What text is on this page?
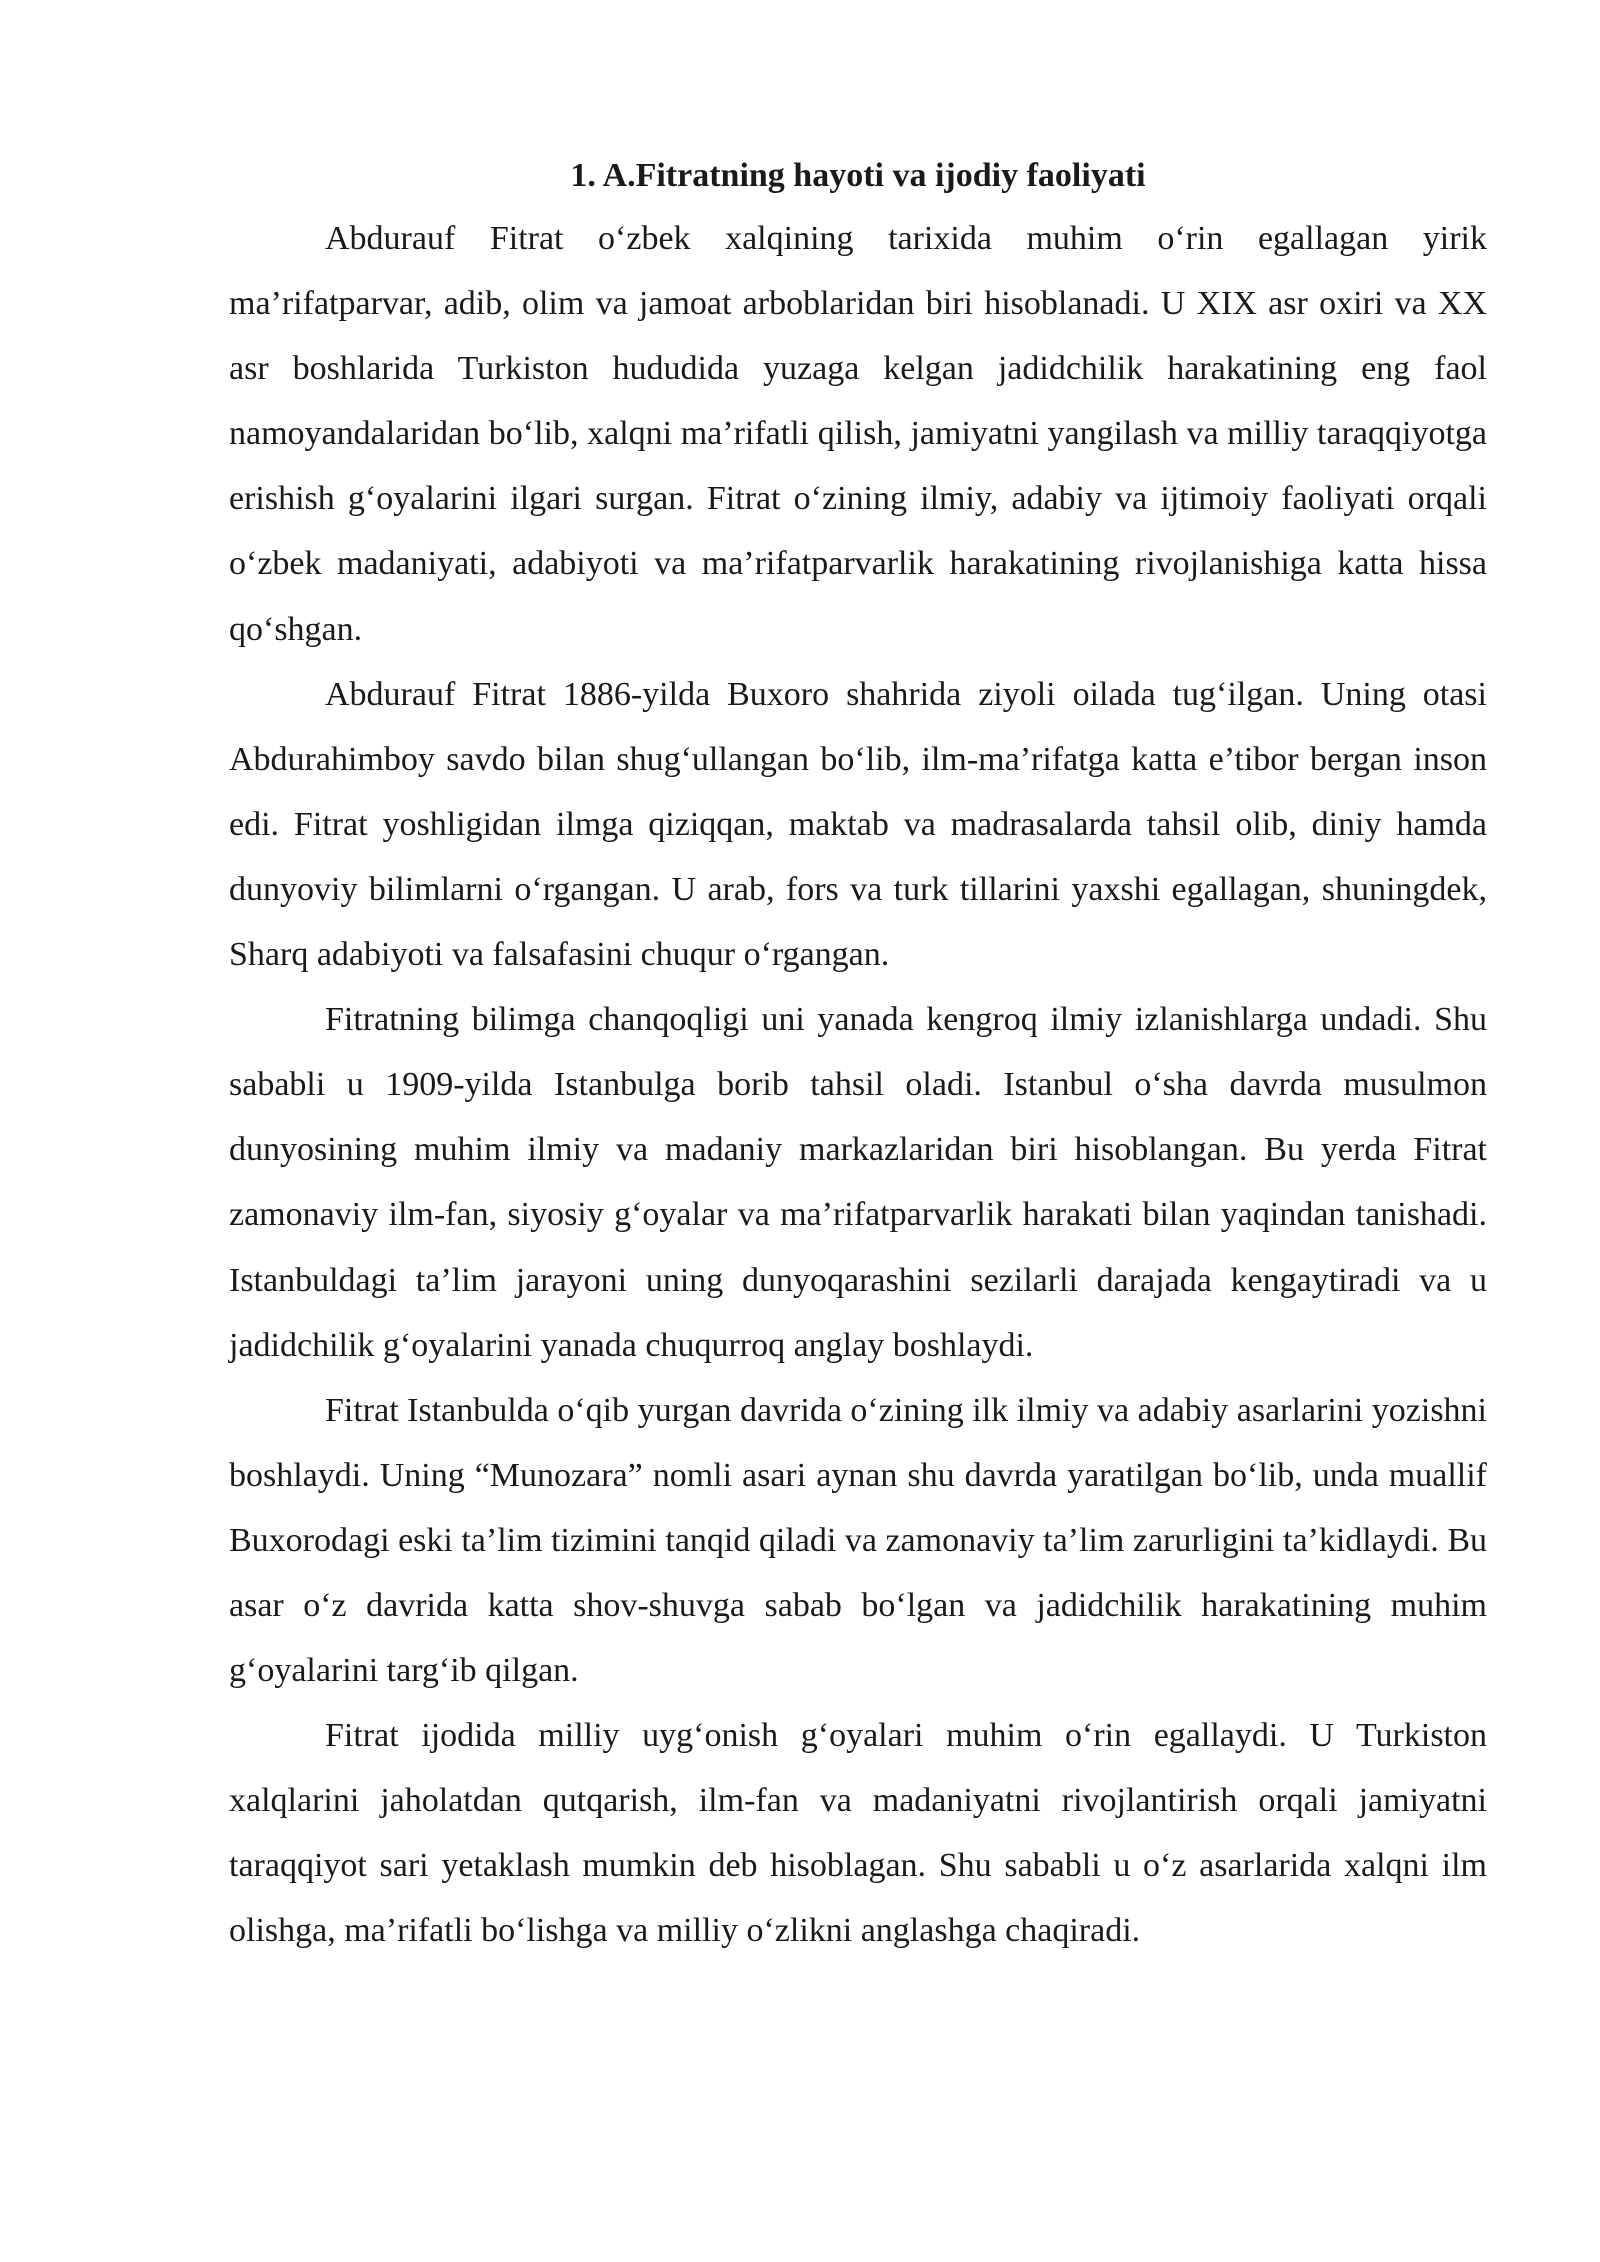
1. A.Fitratning hayoti va ijodiy faoliyati

Abdurauf Fitrat o‘zbek xalqining tarixida muhim o‘rin egallagan yirik ma’rifatparvar, adib, olim va jamoat arboblaridan biri hisoblanadi. U XIX asr oxiri va XX asr boshlarida Turkiston hududida yuzaga kelgan jadidchilik harakatining eng faol namoyandalaridan bo‘lib, xalqni ma’rifatli qilish, jamiyatni yangilash va milliy taraqqiyotga erishish g‘oyalarini ilgari surgan. Fitrat o‘zining ilmiy, adabiy va ijtimoiy faoliyati orqali o‘zbek madaniyati, adabiyoti va ma’rifatparvarlik harakatining rivojlanishiga katta hissa qo‘shgan.

Abdurauf Fitrat 1886-yilda Buxoro shahrida ziyoli oilada tug‘ilgan. Uning otasi Abdurahimboy savdo bilan shug‘ullangan bo‘lib, ilm-ma’rifatga katta e’tibor bergan inson edi. Fitrat yoshligidan ilmga qiziqqan, maktab va madrasalarda tahsil olib, diniy hamda dunyoviy bilimlarni o‘rgangan. U arab, fors va turk tillarini yaxshi egallagan, shuningdek, Sharq adabiyoti va falsafasini chuqur o‘rgangan.

Fitratning bilimga chanqoqligi uni yanada kengroq ilmiy izlanishlarga undadi. Shu sababli u 1909-yilda Istanbulga borib tahsil oladi. Istanbul o‘sha davrda musulmon dunyosining muhim ilmiy va madaniy markazlaridan biri hisoblangan. Bu yerda Fitrat zamonaviy ilm-fan, siyosiy g‘oyalar va ma’rifatparvarlik harakati bilan yaqindan tanishadi. Istanbuldagi ta’lim jarayoni uning dunyoqarashini sezilarli darajada kengaytiradi va u jadidchilik g‘oyalarini yanada chuqurroq anglay boshlaydi.

Fitrat Istanbulda o‘qib yurgan davrida o‘zining ilk ilmiy va adabiy asarlarini yozishni boshlaydi. Uning “Munozara” nomli asari aynan shu davrda yaratilgan bo‘lib, unda muallif Buxorodagi eski ta’lim tizimini tanqid qiladi va zamonaviy ta’lim zarurligini ta’kidlaydi. Bu asar o‘z davrida katta shov-shuvga sabab bo‘lgan va jadidchilik harakatining muhim g‘oyalarini targ‘ib qilgan.

Fitrat ijodida milliy uyg‘onish g‘oyalari muhim o‘rin egallaydi. U Turkiston xalqlarini jaholatdan qutqarish, ilm-fan va madaniyatni rivojlantirish orqali jamiyatni taraqqiyot sari yetaklash mumkin deb hisoblagan. Shu sababli u o‘z asarlarida xalqni ilm olishga, ma’rifatli bo‘lishga va milliy o‘zlikni anglashga chaqiradi.
